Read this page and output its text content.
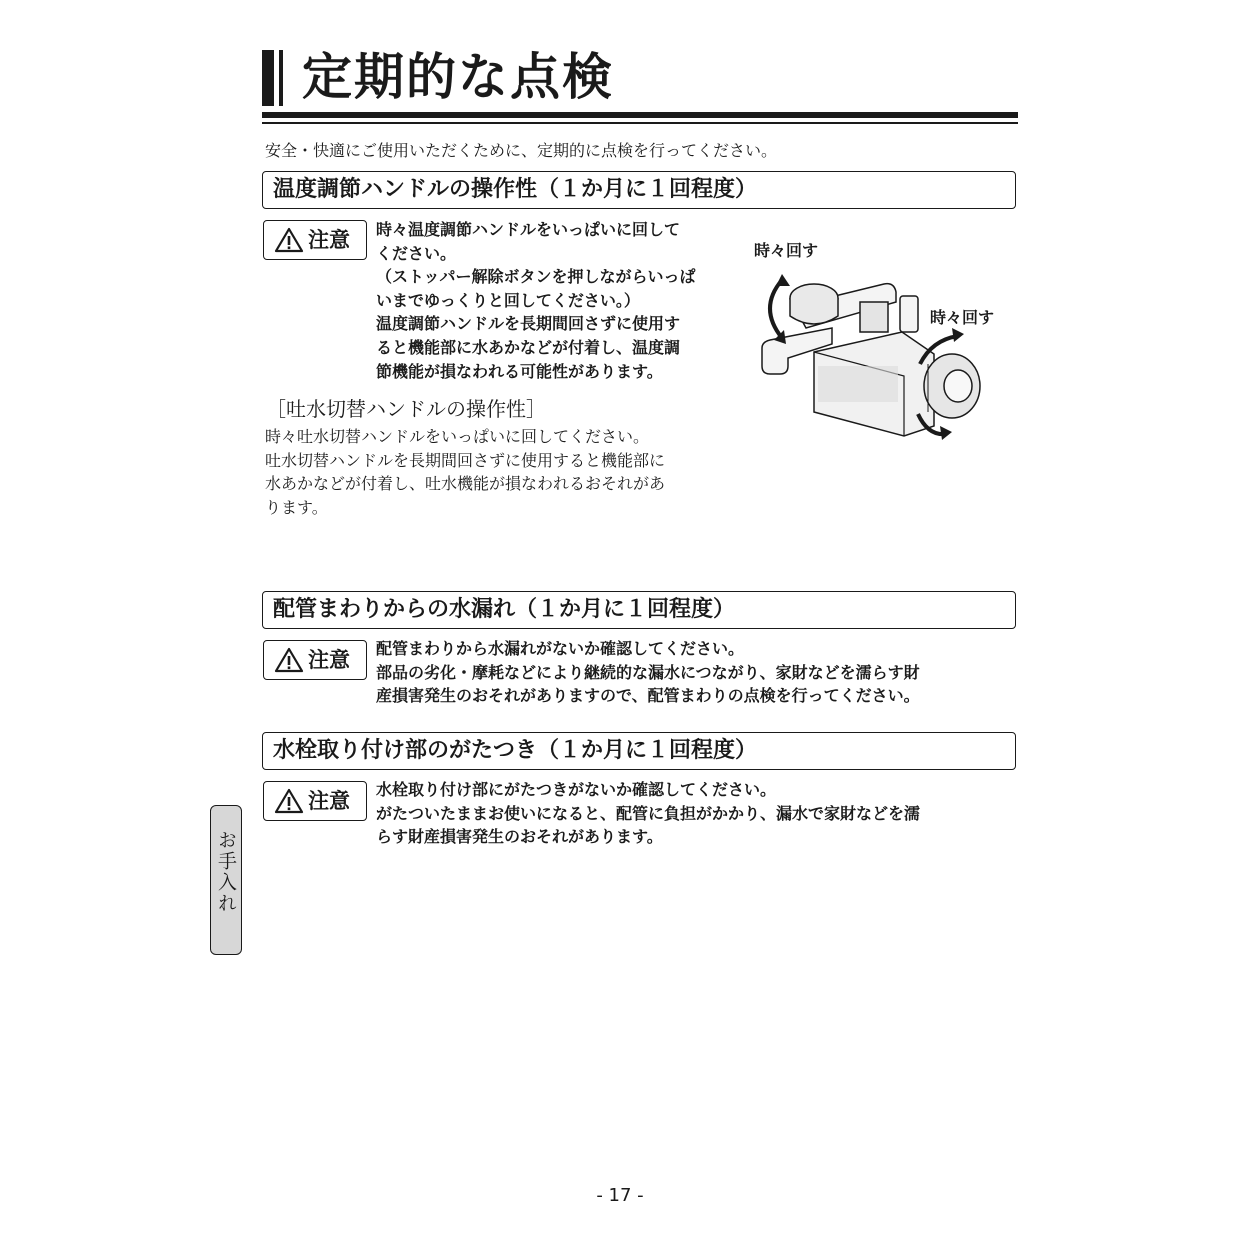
定期的な点検
安全・快適にご使用いただくために、定期的に点検を行ってください。
温度調節ハンドルの操作性（１か月に１回程度）
注意 時々温度調節ハンドルをいっぱいに回して
ください。
（ストッパー解除ボタンを押しながらいっぱ
いまでゆっくりと回してください。）
温度調節ハンドルを長期間回さずに使用す
ると機能部に水あかなどが付着し、温度調
節機能が損なわれる可能性があります。
時々回す
時々回す
［吐水切替ハンドルの操作性］
時々吐水切替ハンドルをいっぱいに回してください。
吐水切替ハンドルを長期間回さずに使用すると機能部に
水あかなどが付着し、吐水機能が損なわれるおそれがあ
ります。
配管まわりからの水漏れ（１か月に１回程度）
注意 配管まわりから水漏れがないか確認してください。
部品の劣化・摩耗などにより継続的な漏水につながり、家財などを濡らす財
産損害発生のおそれがありますので、配管まわりの点検を行ってください。
水栓取り付け部のがたつき（１か月に１回程度）
注意 水栓取り付け部にがたつきがないか確認してください。
がたついたままお使いになると、配管に負担がかかり、漏水で家財などを濡
らす財産損害発生のおそれがあります。
お手入れ
- 17 -
